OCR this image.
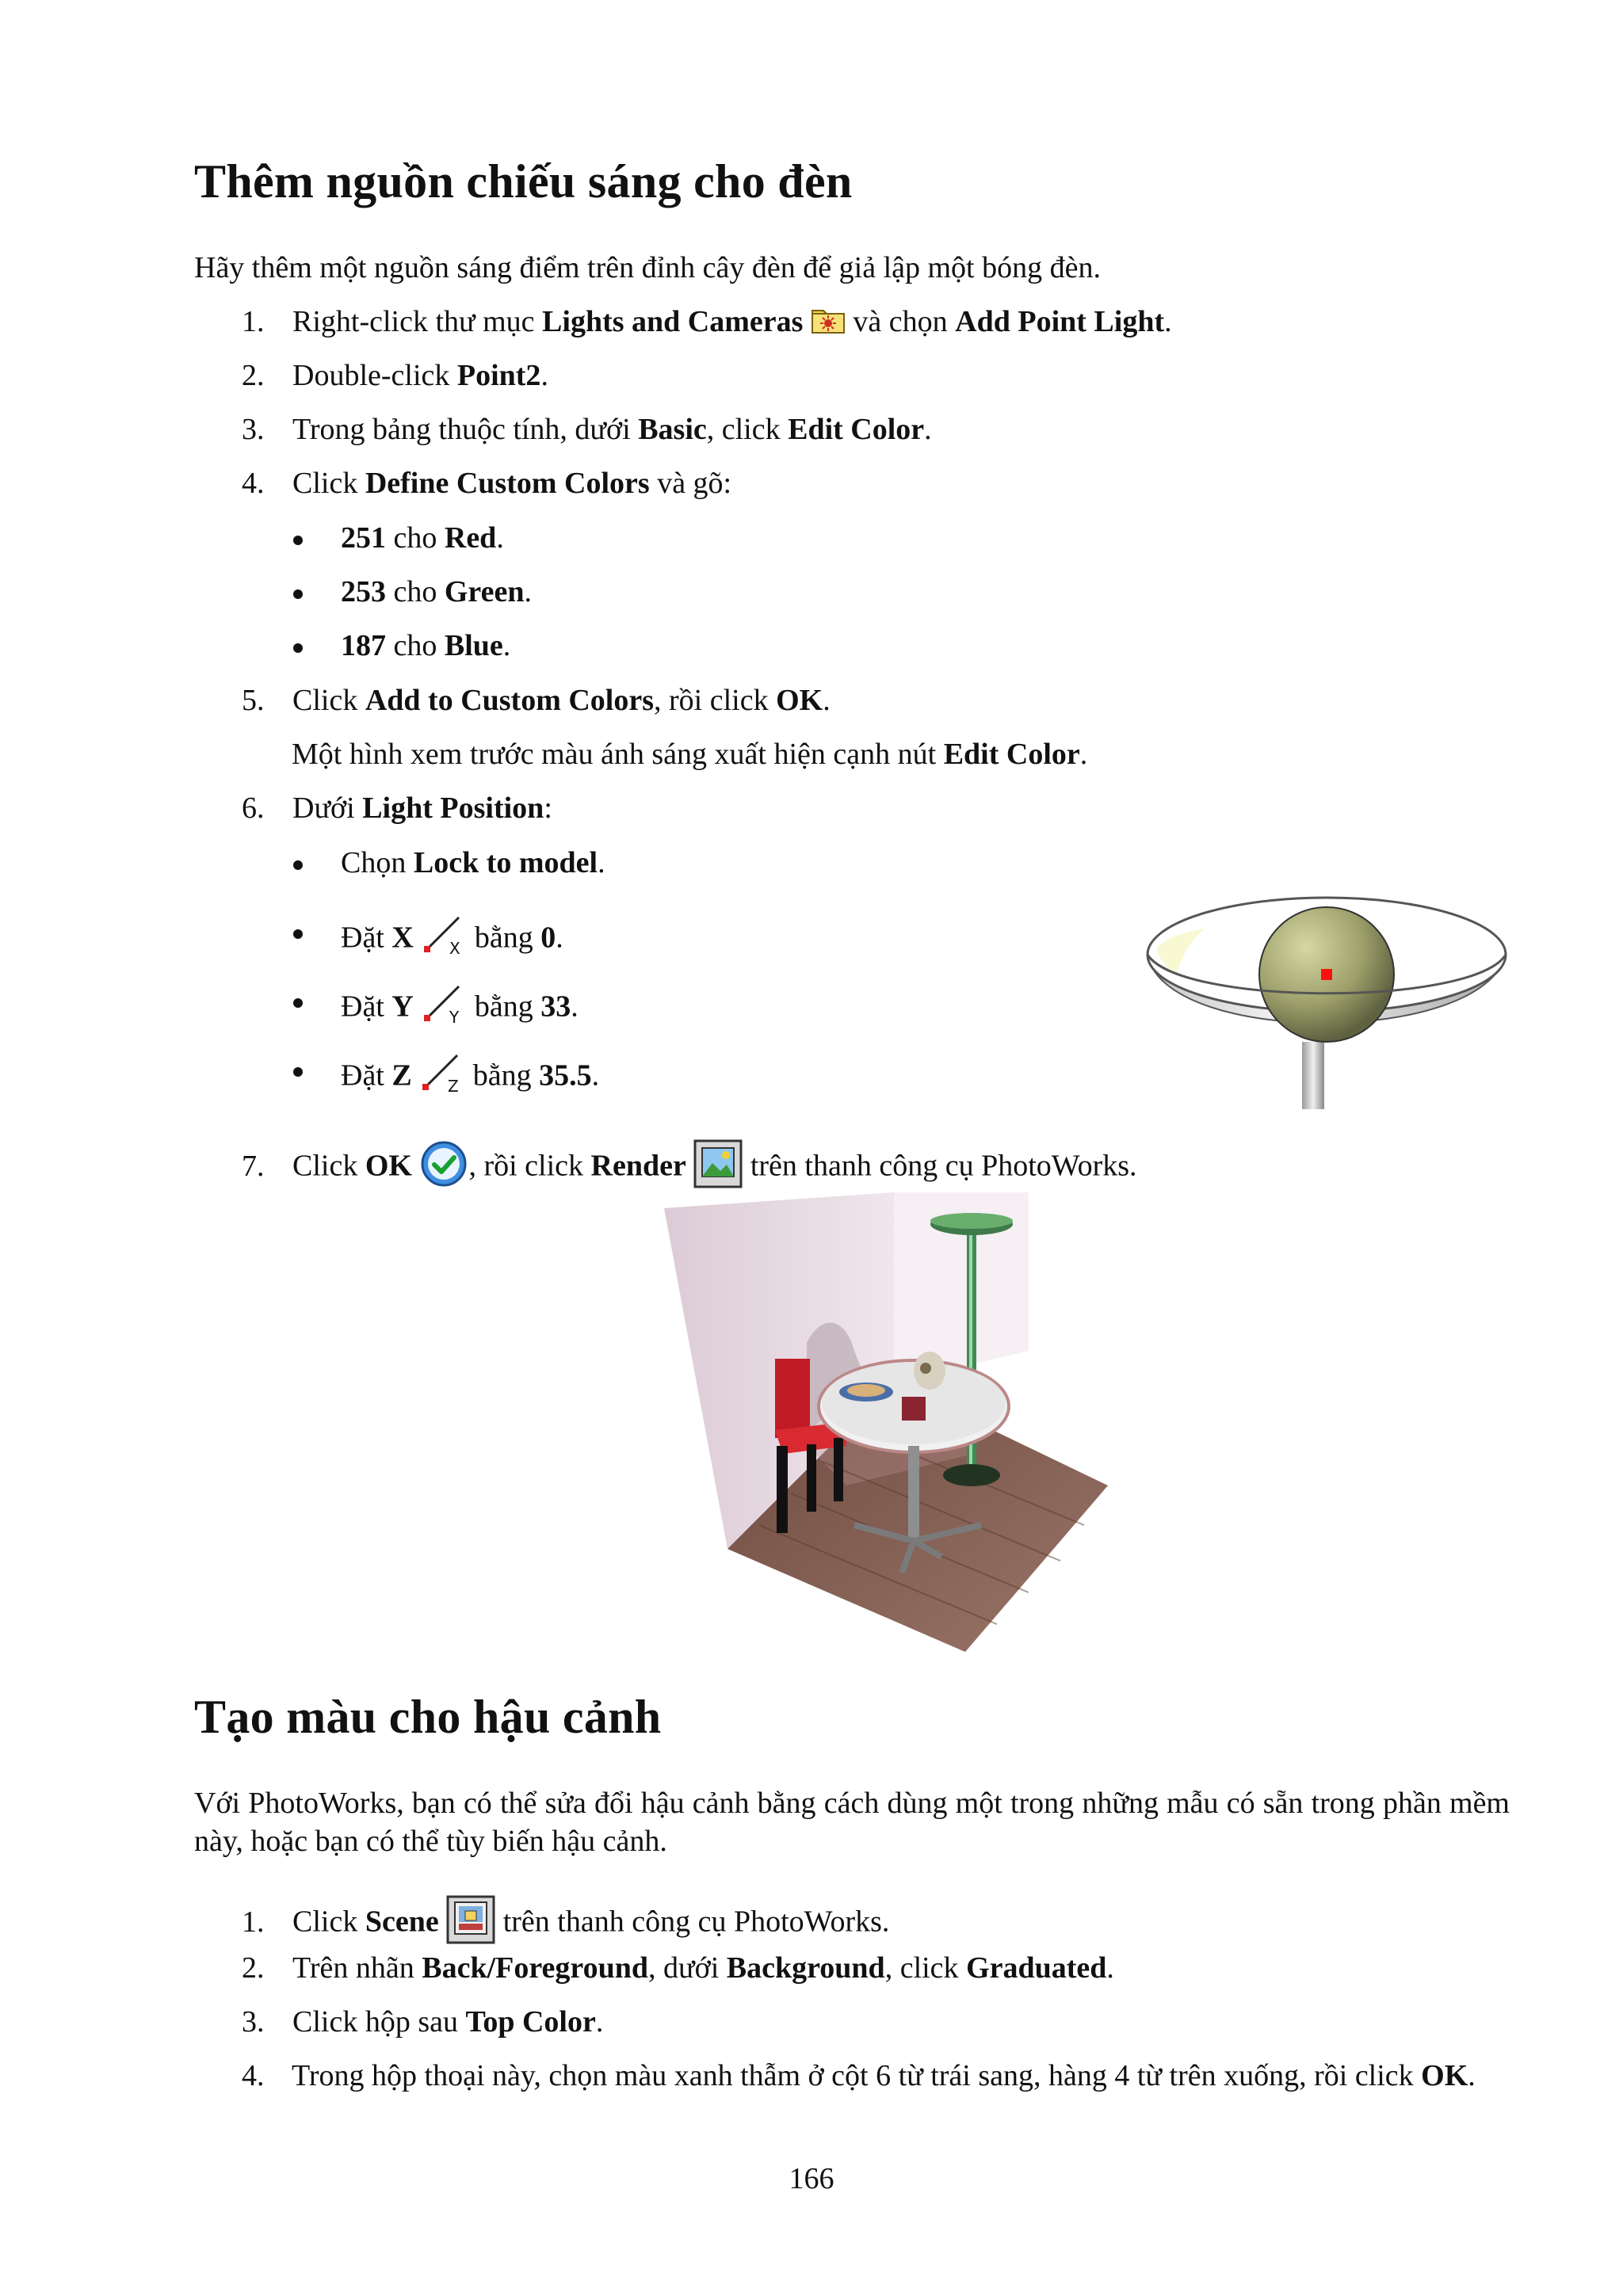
Thêm nguồn chiếu sáng cho đèn
Hãy thêm một nguồn sáng điểm trên đỉnh cây đèn để giả lập một bóng đèn.
1. Right-click thư mục Lights and Cameras  và chọn Add Point Light.
2. Double-click Point2.
3. Trong bảng thuộc tính, dưới Basic, click Edit Color.
4. Click Define Custom Colors và gõ:
251 cho Red.
253 cho Green.
187 cho Blue.
5. Click Add to Custom Colors, rồi click OK.
Một hình xem trước màu ánh sáng xuất hiện cạnh nút Edit Color.
6. Dưới Light Position:
Chọn Lock to model.
Đặt X X bằng 0.
Đặt Y Y bằng 33.
Đặt Z Z bằng 35.5.
7. Click OK , rồi click Render  trên thanh công cụ PhotoWorks.
Tạo màu cho hậu cảnh
Với PhotoWorks, bạn có thể sửa đổi hậu cảnh bằng cách dùng một trong những mẫu có sẵn trong phần mềm này, hoặc bạn có thể tùy biến hậu cảnh.
1. Click Scene  trên thanh công cụ PhotoWorks.
2. Trên nhãn Back/Foreground, dưới Background, click Graduated.
3. Click hộp sau Top Color.
4. Trong hộp thoại này, chọn màu xanh thẫm ở cột 6 từ trái sang, hàng 4 từ trên xuống, rồi click OK.
166
